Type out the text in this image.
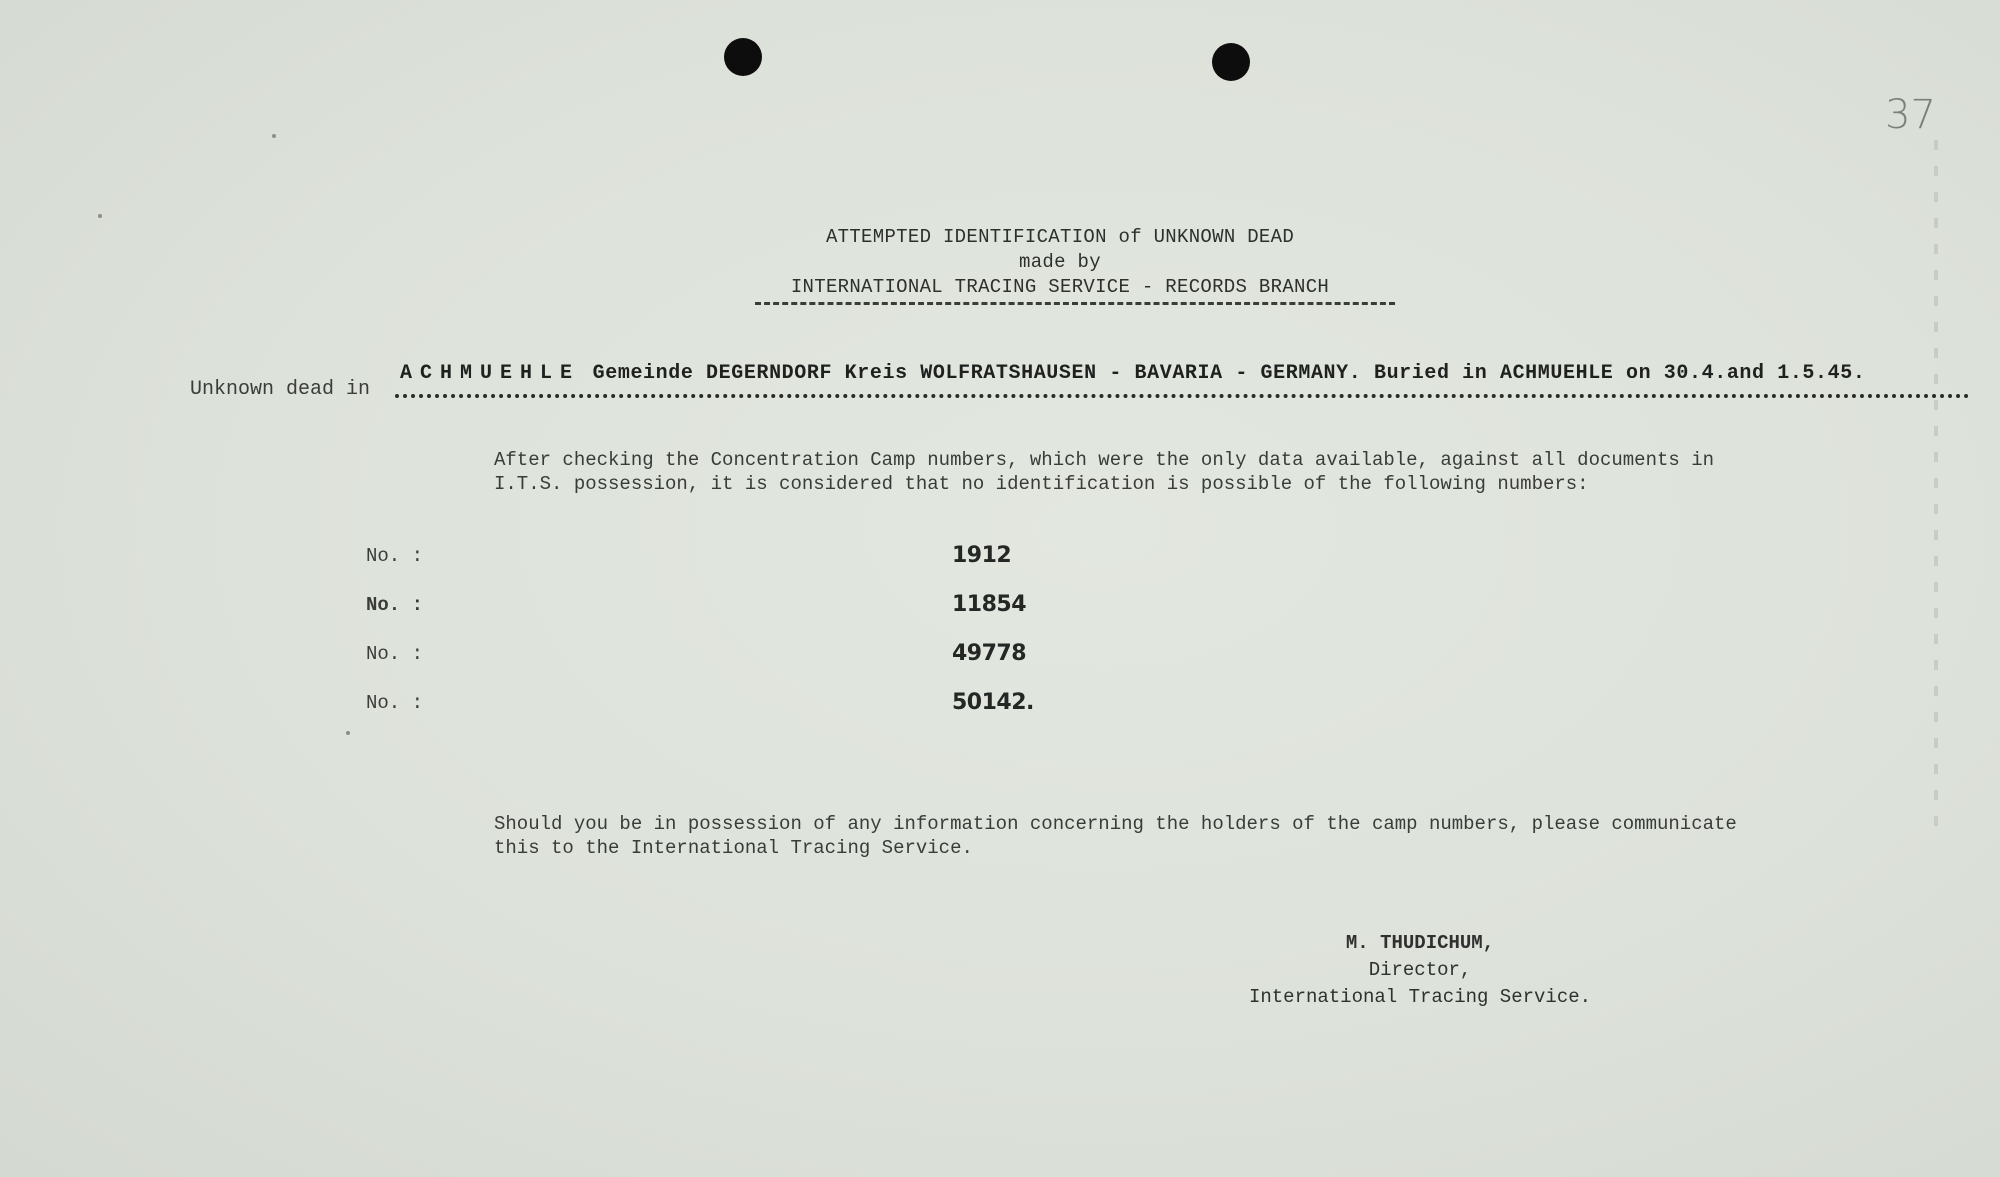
37
ATTEMPTED IDENTIFICATION of UNKNOWN DEAD
made by
INTERNATIONAL TRACING SERVICE - RECORDS BRANCH
Unknown dead in
ACHMUEHLE Gemeinde DEGERNDORF Kreis WOLFRATSHAUSEN - BAVARIA - GERMANY. Buried in ACHMUEHLE on 30.4.and 1.5.45.
After checking the Concentration Camp numbers, which were the only data available, against all documents in I.T.S. possession, it is considered that no identification is possible of the following numbers:
No. :	1912
No. :	11854
No. :	49778
No. :	50142.
Should you be in possession of any information concerning the holders of the camp numbers, please communicate this to the International Tracing Service.
M. THUDICHUM,
Director,
International Tracing Service.
